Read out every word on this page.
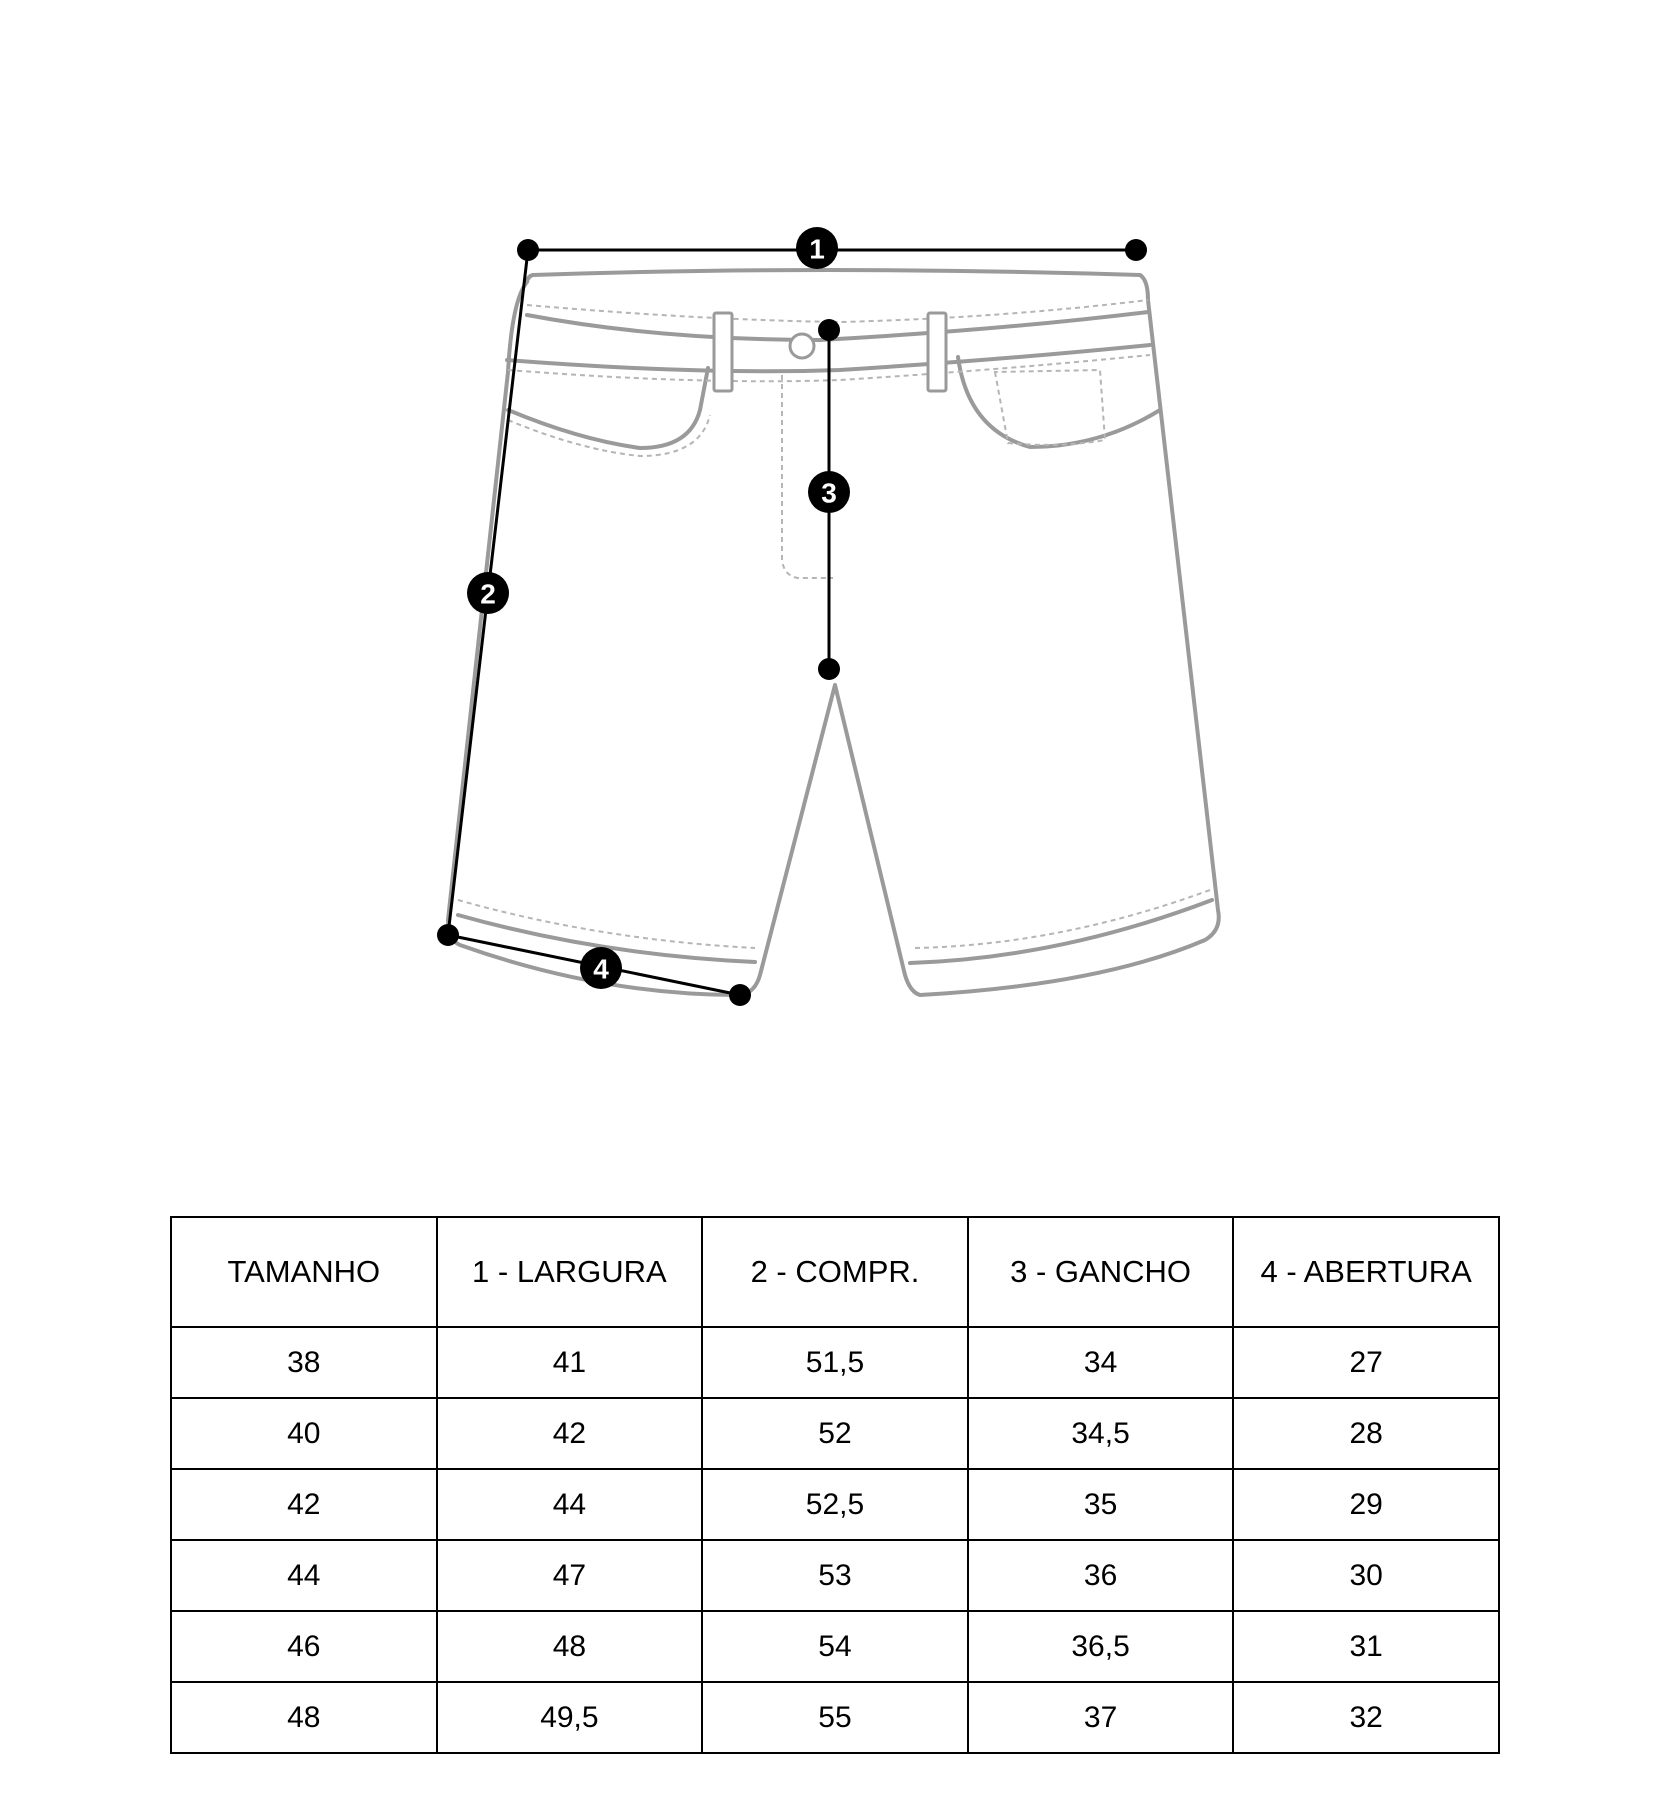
1
2
3
4
TAMANHO	1 - LARGURA	2 - COMPR.	3 - GANCHO	4 - ABERTURA
38	41	51,5	34	27
40	42	52	34,5	28
42	44	52,5	35	29
44	47	53	36	30
46	48	54	36,5	31
48	49,5	55	37	32
